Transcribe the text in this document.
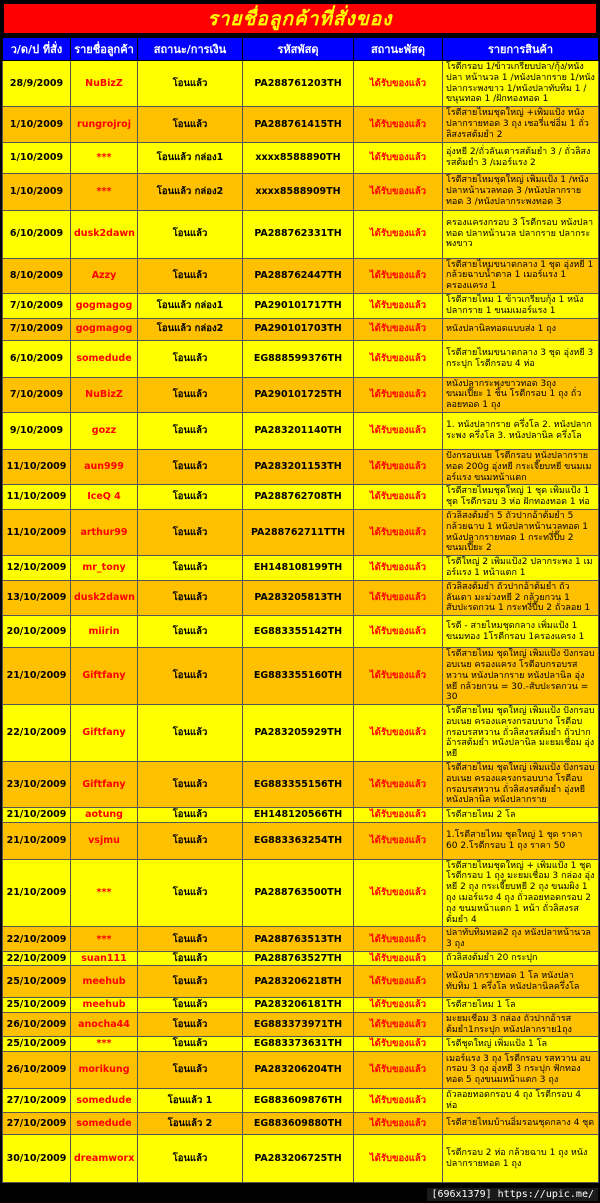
รายชื่อลูกค้าที่สั่งของ
ว/ด/ป ที่สั่ง	รายชื่อลูกค้า	สถานะ/การเงิน	รหัสพัสดุ	สถานะพัสดุ	รายการสินค้า
28/9/2009	NuBizZ	โอนแล้ว	PA288761203TH	ได้รับของแล้ว	โรตีกรอบ 1/ข้าวเกรียบปลา/กุ้ง/หนังปลา หน้านวล 1 /หนังปลากราย 1/หนังปลากระพงขาว 1/หนังปลาทับทิม 1 /ขนุนทอด 1 /ฝักทองทอด 1
1/10/2009	rungrojroj	โอนแล้ว	PA288761415TH	ได้รับของแล้ว	โรตีสายไหมชุดใหญ่ +เพิ่มแป้ง หนังปลากรายทอด 3 ถุง เชอรี่แช่อิ่ม 1 ถั่วลิสงรสต้มยำ 2
1/10/2009	***	โอนแล้ว กล่อง1	xxxx8588890TH	ได้รับของแล้ว	อุ่งหยี 2/ถั่วลันเตารสต้มยำ 3 / ถั่วลิสงรสต้มยำ 3 /เมอร์แรง 2
1/10/2009	***	โอนแล้ว กล่อง2	xxxx8588909TH	ได้รับของแล้ว	โรตีสายไหมชุดใหญ่ เพิ่มแป้ง 1 /หนังปลาหน้านวลทอด 3 /หนังปลากรายทอด 3 /หนังปลากระพงทอด 3
6/10/2009	dusk2dawn	โอนแล้ว	PA288762331TH	ได้รับของแล้ว	ครองแครงกรอบ 3 โรตีกรอบ หนังปลาทอด ปลาหน้านวล ปลากราย ปลากระพงขาว
8/10/2009	Azzy	โอนแล้ว	PA288762447TH	ได้รับของแล้ว	โรตีสายไหมขนาดกลาง 1 ชุด อุ่งหยี 1 กล้วยฉาบน้ำตาล 1 เมอร์แรง 1 ครองแครง 1
7/10/2009	gogmagog	โอนแล้ว กล่อง1	PA290101717TH	ได้รับของแล้ว	โรตีสายไหม 1 ข้าวเกรียบกุ้ง 1 หนังปลากราย 1 ขนมเมอร์แรง 1
7/10/2009	gogmagog	โอนแล้ว กล่อง2	PA290101703TH	ได้รับของแล้ว	หนังปลานิลทอดแบบส่ง 1 ถุง
6/10/2009	somedude	โอนแล้ว	EG888599376TH	ได้รับของแล้ว	โรตีสายไหมขนาดกลาง 3 ชุด อุ่งหยี 3 กระปุก โรตีกรอบ 4 ห่อ
7/10/2009	NuBizZ	โอนแล้ว	PA290101725TH	ได้รับของแล้ว	หนังปลากระพงขาวทอด 3ถุง ขนมเปี๊ยะ 1 ชิ้น โรตีกรอบ 1 ถุง ถั่วลอยทอด 1 ถุง
9/10/2009	gozz	โอนแล้ว	PA283201140TH	ได้รับของแล้ว	1. หนังปลากราย ครึ่งโล 2. หนังปลากระพง ครึ่งโล 3. หนังปลานิล ครึ่งโล
11/10/2009	aun999	โอนแล้ว	PA283201153TH	ได้รับของแล้ว	ปังกรอบเนย โรตีกรอบ หนังปลากรายทอด 200g อุ่งหยี กระเจี๊ยบหยี ขนมเมอร์แรง ขนมหน้าแตก
11/10/2009	IceQ 4	โอนแล้ว	PA288762708TH	ได้รับของแล้ว	โรตีสายไหมชุดใหญ่ 1 ชุด เพิ่มแป้ง 1 ชุด โรตีกรอบ 3 ห่อ ฝักทองทอด 1 ห่อ
11/10/2009	arthur99	โอนแล้ว	PA288762711TTH	ได้รับของแล้ว	ถั่วลิสงต้มยำ 5 ถั่วปากอ้าต้มยำ 5 กล้วยฉาบ 1 หนังปลาหน้านวลทอด 1 หนังปลากรายทอด 1 กระทงี่ปี๊บ 2 ขนมเปี๊ยะ 2
12/10/2009	mr_tony	โอนแล้ว	EH148108199TH	ได้รับของแล้ว	โรตีใหญ่ 2 เพิ่มแป้ง2 ปลากระพง 1 เมอร์แรง 1 หน้าแตก 1
13/10/2009	dusk2dawn	โอนแล้ว	PA283205813TH	ได้รับของแล้ว	ถั่วลิสงต้มยำ ถั่วปากอ้าต้มยำ ถั่วลันเตา มะม่วงหยี 2 กล้วยกวน 1 สับปะรดกวน 1 กระทงี่ปี๊บ 2 ถั่วลอย 1
20/10/2009	miirin	โอนแล้ว	EG883355142TH	ได้รับของแล้ว	โรตี - สายไหมชุดกลาง เพิ่มแป้ง 1 ขนมทอง 1โรตีกรอบ 1ครองแครง 1
21/10/2009	Giftfany	โอนแล้ว	EG883355160TH	ได้รับของแล้ว	โรตีสายไหม ชุดใหญ่ เพิ่มแป้ง ปังกรอบอบเนย ครองแครง โรตีอบกรอบรสหวาน หนังปลากราย หนังปลานิล อุ่งหยี กล้วยกวน = 30.-สับปะรดกวน = 30
22/10/2009	Giftfany	โอนแล้ว	PA283205929TH	ได้รับของแล้ว	โรตีสายไหม ชุดใหญ่ เพิ่มแป้ง ปังกรอบอบเนย ครองแครงกรอบบาง โรตีอบกรอบรสหวาน ถั่วลิสงรสต้มยำ ถั่วปากอ้ารสต้มยำ หนังปลานิล มะยมเชื่อม อุ่งหยี
23/10/2009	Giftfany	โอนแล้ว	EG883355156TH	ได้รับของแล้ว	โรตีสายไหม ชุดใหญ่ เพิ่มแป้ง ปังกรอบอบเนย ครองแครงกรอบบาง โรตีอบกรอบรสหวาน ถั่วลิสงรสต้มยำ อุ่งหยี หนังปลานิล หนังปลากราย
21/10/2009	aotung	โอนแล้ว	EH148120566TH	ได้รับของแล้ว	โรตีสายไหม 2 โล
21/10/2009	vsjmu	โอนแล้ว	EG883363254TH	ได้รับของแล้ว	1.โรตีสายไหม ชุดใหญ่ 1 ชุด ราคา 60 2.โรตีกรอบ 1 ถุง ราคา 50
21/10/2009	***	โอนแล้ว	PA288763500TH	ได้รับของแล้ว	โรตีสายไหมชุดใหญ่ + เพิ่มแป้ง 1 ชุด โรตีกรอบ 1 ถุง มะยมเชื่อม 3 กล่อง อุ่งหยี 2 ถุง กระเจี๊ยบหยี 2 ถุง ขนมผิง 1 ถุง เมอร์แรง 4 ถุง ถั่วลอยทอดกรอบ 2 ถุง ขนมหน้าแตก 1 หน้า ถั่วลิสงรสต้มยำ 4
22/10/2009	***	โอนแล้ว	PA288763513TH	ได้รับของแล้ว	ปลาทับทิมทอด2 ถุง หนังปลาหน้านวล 3 ถุง
22/10/2009	suan111	โอนแล้ว	PA288763527TH	ได้รับของแล้ว	ถั่วลิสงต้มยำ 20 กระปุก
25/10/2009	meehub	โอนแล้ว	PA283206218TH	ได้รับของแล้ว	หนังปลากรายทอด 1 โล หนังปลาทับทิม 1 ครึ่งโล หนังปลานิลครึ่งโล
25/10/2009	meehub	โอนแล้ว	PA283206181TH	ได้รับของแล้ว	โรตีสายไหม 1 โล
26/10/2009	anocha44	โอนแล้ว	EG883373971TH	ได้รับของแล้ว	มะยมเชื่อม 3 กล่อง ถั่วปากอ้ารสต้มยำ1กระปุก หนังปลากราย1ถุง
25/10/2009	***	โอนแล้ว	EG883373631TH	ได้รับของแล้ว	โรตีชุดใหญ่ เพิ่มแป้ง 1 โล
26/10/2009	morikung	โอนแล้ว	PA283206204TH	ได้รับของแล้ว	เมอร์แรง 3 ถุง โรตีกรอบ รสหวาน อบกรอบ 3 ถุง อุ่งหยี 3 กระปุก ฟักทองทอด 5 ถุงขนมหน้าแตก 3 ถุง
27/10/2009	somedude	โอนแล้ว 1	EG883609876TH	ได้รับของแล้ว	ถั่วลอยทอดกรอบ 4 ถุง โรตีกรอบ 4 ห่อ
27/10/2009	somedude	โอนแล้ว 2	EG883609880TH	ได้รับของแล้ว	โรตีสายไหมบ้านอิ่มรอนชุดกลาง 4 ชุด
30/10/2009	dreamworx	โอนแล้ว	PA283206725TH	ได้รับของแล้ว	โรตีกรอบ 2 ห่อ กล้วยฉาบ 1 ถุง หนังปลากรายทอด 1 ถุง
[696x1379] https://upic.me/
